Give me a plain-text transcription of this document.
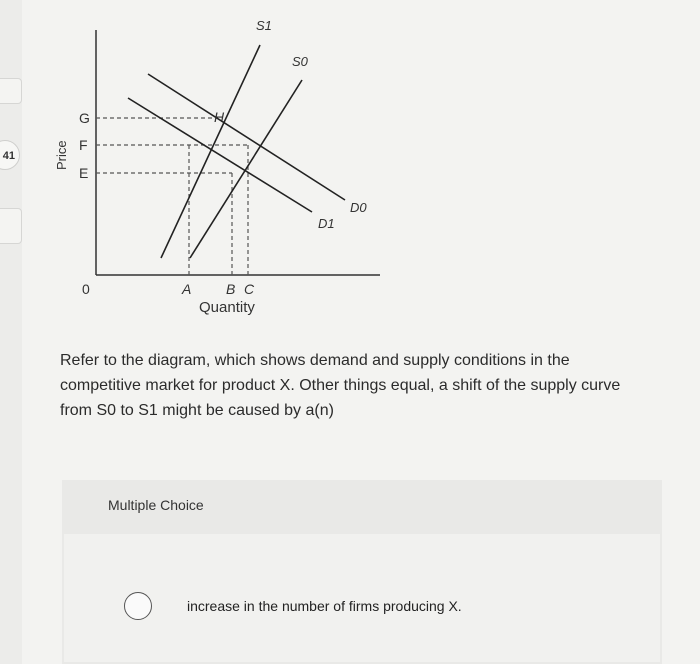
41	Price
Quantity
0
G
F
E
A B C
H
S1
S0
D0
D1
Refer to the diagram, which shows demand and supply conditions in the competitive market for product X. Other things equal, a shift of the supply curve from S0 to S1 might be caused by a(n)
Multiple Choice
increase in the number of firms producing X.
